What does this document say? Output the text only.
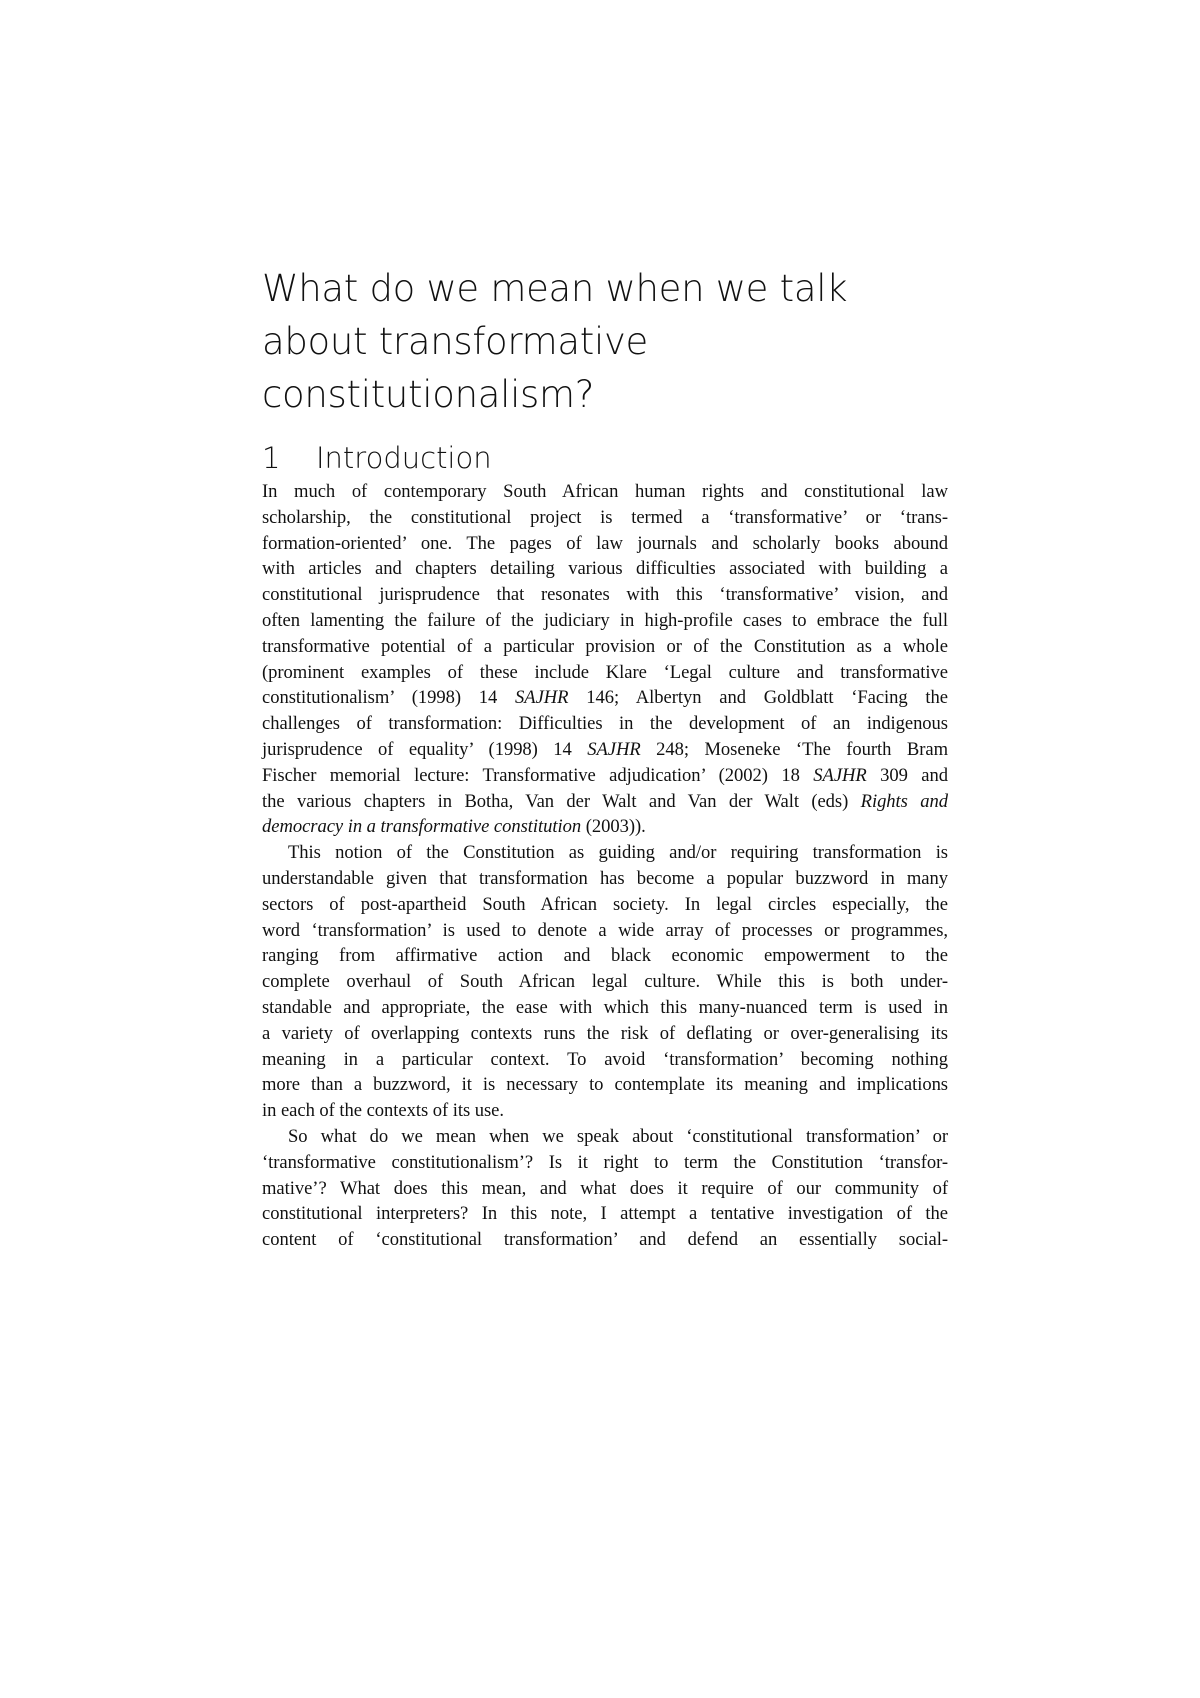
What do we mean when we talk
about transformative
constitutionalism?
1	Introduction
In much of contemporary South African human rights and constitutional law
scholarship, the constitutional project is termed a ‘transformative’ or ‘trans-
formation-oriented’ one. The pages of law journals and scholarly books abound
with articles and chapters detailing various difficulties associated with building a
constitutional jurisprudence that resonates with this ‘transformative’ vision, and
often lamenting the failure of the judiciary in high-profile cases to embrace the full
transformative potential of a particular provision or of the Constitution as a whole
(prominent examples of these include Klare ‘Legal culture and transformative
constitutionalism’ (1998) 14 SAJHR 146; Albertyn and Goldblatt ‘Facing the
challenges of transformation: Difficulties in the development of an indigenous
jurisprudence of equality’ (1998) 14 SAJHR 248; Moseneke ‘The fourth Bram
Fischer memorial lecture: Transformative adjudication’ (2002) 18 SAJHR 309 and
the various chapters in Botha, Van der Walt and Van der Walt (eds) Rights and
democracy in a transformative constitution (2003)).
This notion of the Constitution as guiding and/or requiring transformation is
understandable given that transformation has become a popular buzzword in many
sectors of post-apartheid South African society. In legal circles especially, the
word ‘transformation’ is used to denote a wide array of processes or programmes,
ranging from affirmative action and black economic empowerment to the
complete overhaul of South African legal culture. While this is both under-
standable and appropriate, the ease with which this many-nuanced term is used in
a variety of overlapping contexts runs the risk of deflating or over-generalising its
meaning in a particular context. To avoid ‘transformation’ becoming nothing
more than a buzzword, it is necessary to contemplate its meaning and implications
in each of the contexts of its use.
So what do we mean when we speak about ‘constitutional transformation’ or
‘transformative constitutionalism’? Is it right to term the Constitution ‘transfor-
mative’? What does this mean, and what does it require of our community of
constitutional interpreters? In this note, I attempt a tentative investigation of the
content of ‘constitutional transformation’ and defend an essentially social-
